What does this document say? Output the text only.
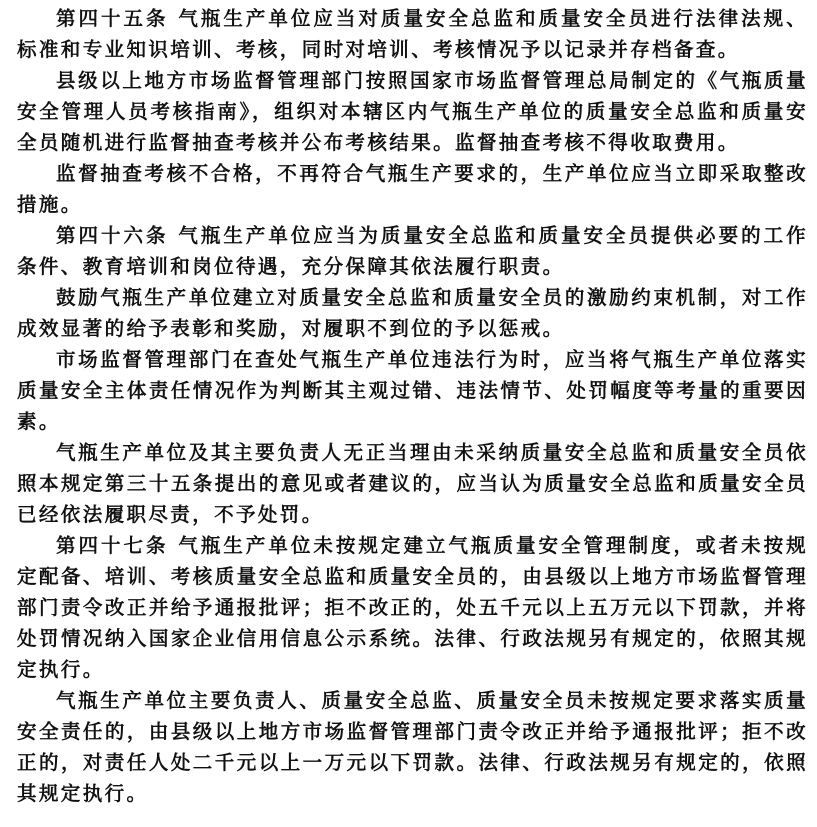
第四十五条 气瓶生产单位应当对质量安全总监和质量安全员进行法律法规、标准和专业知识培训、考核，同时对培训、考核情况予以记录并存档备查。

县级以上地方市场监督管理部门按照国家市场监督管理总局制定的《气瓶质量安全管理人员考核指南》，组织对本辖区内气瓶生产单位的质量安全总监和质量安全员随机进行监督抽查考核并公布考核结果。监督抽查考核不得收取费用。

监督抽查考核不合格，不再符合气瓶生产要求的，生产单位应当立即采取整改措施。

第四十六条 气瓶生产单位应当为质量安全总监和质量安全员提供必要的工作条件、教育培训和岗位待遇，充分保障其依法履行职责。

鼓励气瓶生产单位建立对质量安全总监和质量安全员的激励约束机制，对工作成效显著的给予表彰和奖励，对履职不到位的予以惩戒。

市场监督管理部门在查处气瓶生产单位违法行为时，应当将气瓶生产单位落实质量安全主体责任情况作为判断其主观过错、违法情节、处罚幅度等考量的重要因素。

气瓶生产单位及其主要负责人无正当理由未采纳质量安全总监和质量安全员依照本规定第三十五条提出的意见或者建议的，应当认为质量安全总监和质量安全员已经依法履职尽责，不予处罚。

第四十七条 气瓶生产单位未按规定建立气瓶质量安全管理制度，或者未按规定配备、培训、考核质量安全总监和质量安全员的，由县级以上地方市场监督管理部门责令改正并给予通报批评；拒不改正的，处五千元以上五万元以下罚款，并将处罚情况纳入国家企业信用信息公示系统。法律、行政法规另有规定的，依照其规定执行。

气瓶生产单位主要负责人、质量安全总监、质量安全员未按规定要求落实质量安全责任的，由县级以上地方市场监督管理部门责令改正并给予通报批评；拒不改正的，对责任人处二千元以上一万元以下罚款。法律、行政法规另有规定的，依照其规定执行。
